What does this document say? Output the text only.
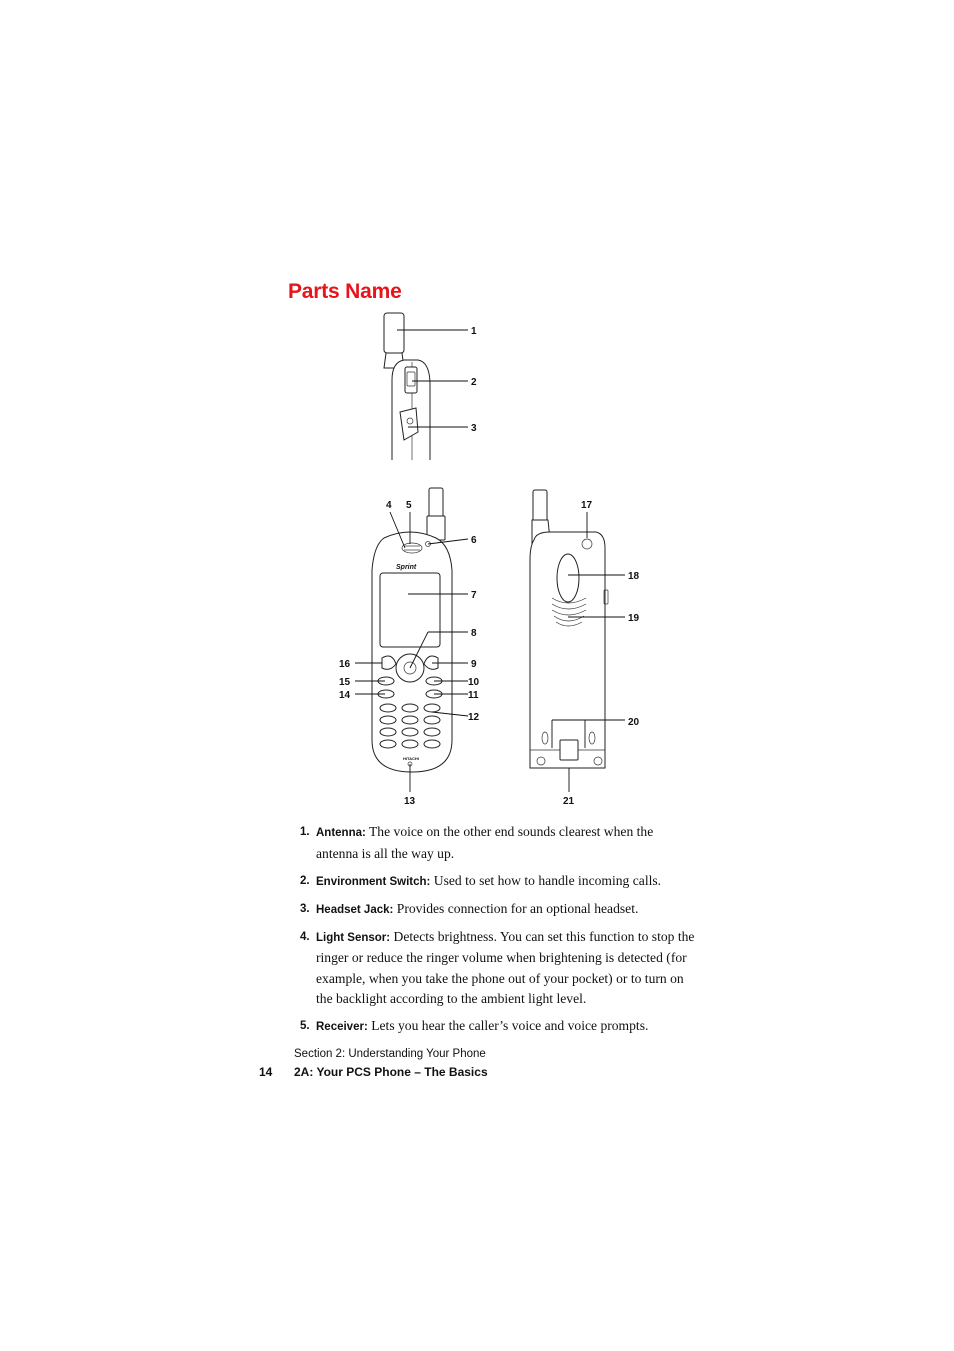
Parts Name
Sprint
HITACHI
1
2
3
4 5
6
7
8
9
10
11
12
13
14
15
16
17
18
19
20
21
1. Antenna: The voice on the other end sounds clearest when the antenna is all the way up.
2. Environment Switch: Used to set how to handle incoming calls.
3. Headset Jack: Provides connection for an optional headset.
4. Light Sensor: Detects brightness. You can set this function to stop the ringer or reduce the ringer volume when brightening is detected (for example, when you take the phone out of your pocket) or to turn on the backlight according to the ambient light level.
5. Receiver: Lets you hear the caller’s voice and voice prompts.
Section 2: Understanding Your Phone
14 2A: Your PCS Phone – The Basics
